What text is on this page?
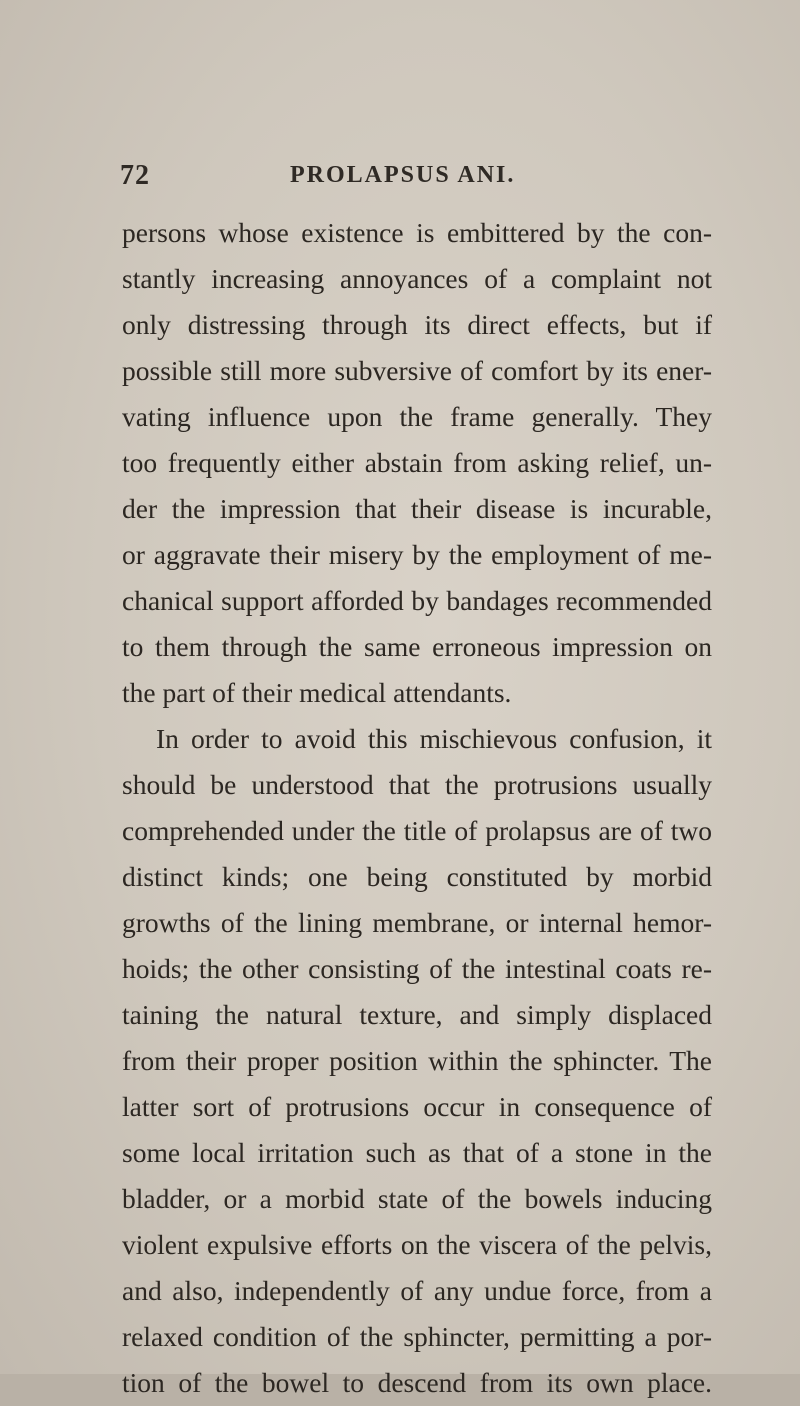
72	PROLAPSUS ANI.
persons whose existence is embittered by the con-
stantly increasing annoyances of a complaint not
only distressing through its direct effects, but if
possible still more subversive of comfort by its ener-
vating influence upon the frame generally. They
too frequently either abstain from asking relief, un-
der the impression that their disease is incurable,
or aggravate their misery by the employment of me-
chanical support afforded by bandages recommended
to them through the same erroneous impression on
the part of their medical attendants.
In order to avoid this mischievous confusion, it
should be understood that the protrusions usually
comprehended under the title of prolapsus are of two
distinct kinds; one being constituted by morbid
growths of the lining membrane, or internal hemor-
hoids; the other consisting of the intestinal coats re-
taining the natural texture, and simply displaced
from their proper position within the sphincter. The
latter sort of protrusions occur in consequence of
some local irritation such as that of a stone in the
bladder, or a morbid state of the bowels inducing
violent expulsive efforts on the viscera of the pelvis,
and also, independently of any undue force, from a
relaxed condition of the sphincter, permitting a por-
tion of the bowel to descend from its own place.
